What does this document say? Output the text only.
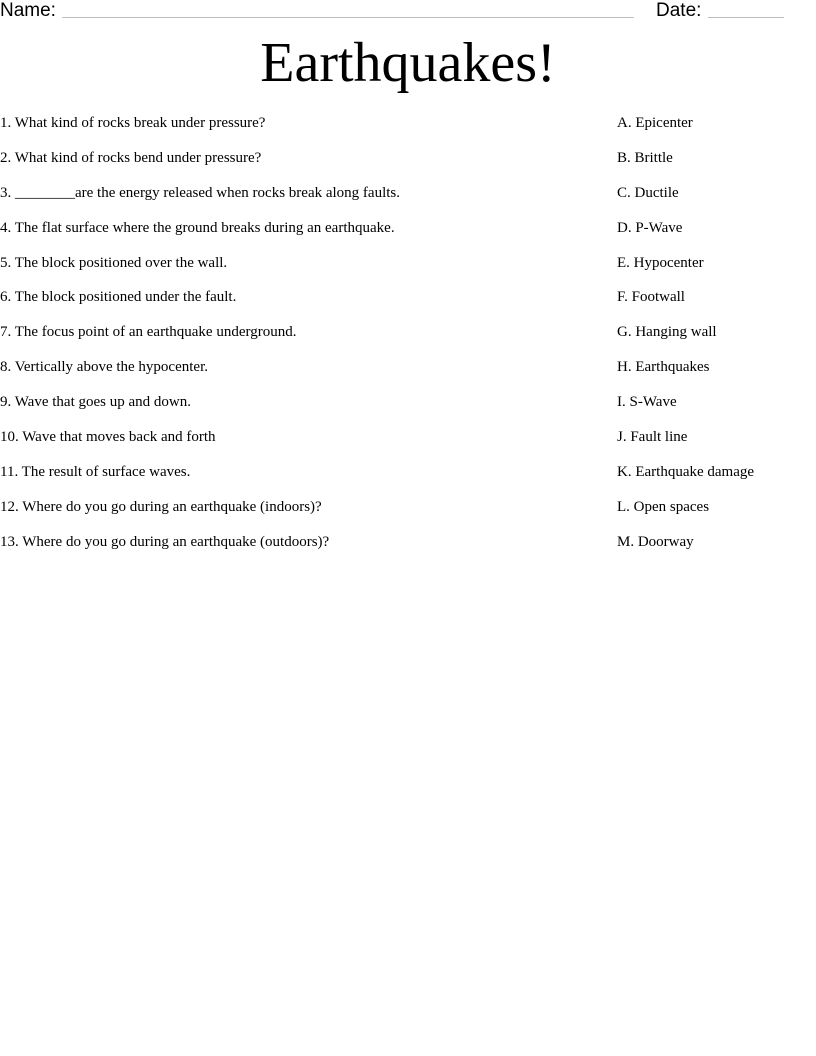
Name:	Date:
Earthquakes!
1. What kind of rocks break under pressure?
2. What kind of rocks bend under pressure?
3. ________are the energy released when rocks break along faults.
4. The flat surface where the ground breaks during an earthquake.
5. The block positioned over the wall.
6. The block positioned under the fault.
7. The focus point of an earthquake underground.
8. Vertically above the hypocenter.
9. Wave that goes up and down.
10. Wave that moves back and forth
11. The result of surface waves.
12. Where do you go during an earthquake (indoors)?
13. Where do you go during an earthquake (outdoors)?
A. Epicenter
B. Brittle
C. Ductile
D. P-Wave
E. Hypocenter
F. Footwall
G. Hanging wall
H. Earthquakes
I. S-Wave
J. Fault line
K. Earthquake damage
L. Open spaces
M. Doorway
